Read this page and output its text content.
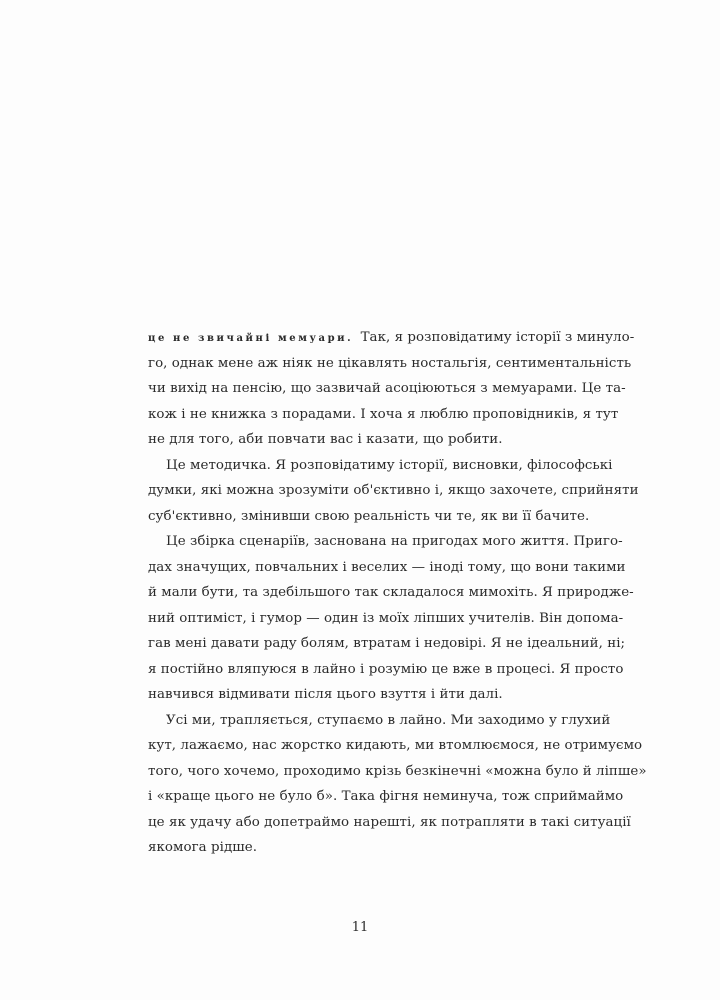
це не звичайні мемуари. Так, я розповідатиму історії з минуло-
го, однак мене аж ніяк не цікавлять ностальгія, сентиментальність
чи вихід на пенсію, що зазвичай асоціюються з мемуарами. Це та-
кож і не книжка з порадами. І хоча я люблю проповідників, я тут
не для того, аби повчати вас і казати, що робити.
Це методичка. Я розповідатиму історії, висновки, філософські
думки, які можна зрозуміти об'єктивно і, якщо захочете, сприйняти
суб'єктивно, змінивши свою реальність чи те, як ви її бачите.
Це збірка сценаріїв, заснована на пригодах мого життя. Приго-
дах значущих, повчальних і веселих — іноді тому, що вони такими
й мали бути, та здебільшого так складалося мимохіть. Я природже-
ний оптиміст, і гумор — один із моїх ліпших учителів. Він допома-
гав мені давати раду болям, втратам і недовірі. Я не ідеальний, ні;
я постійно вляпуюся в лайно і розумію це вже в процесі. Я просто
навчився відмивати після цього взуття і йти далі.
Усі ми, трапляється, ступаємо в лайно. Ми заходимо у глухий
кут, лажаємо, нас жорстко кидають, ми втомлюємося, не отримуємо
того, чого хочемо, проходимо крізь безкінечні «можна було й ліпше»
і «краще цього не було б». Така фігня неминуча, тож сприймаймо
це як удачу або допетраймо нарешті, як потрапляти в такі ситуації
якомога рідше.
11
